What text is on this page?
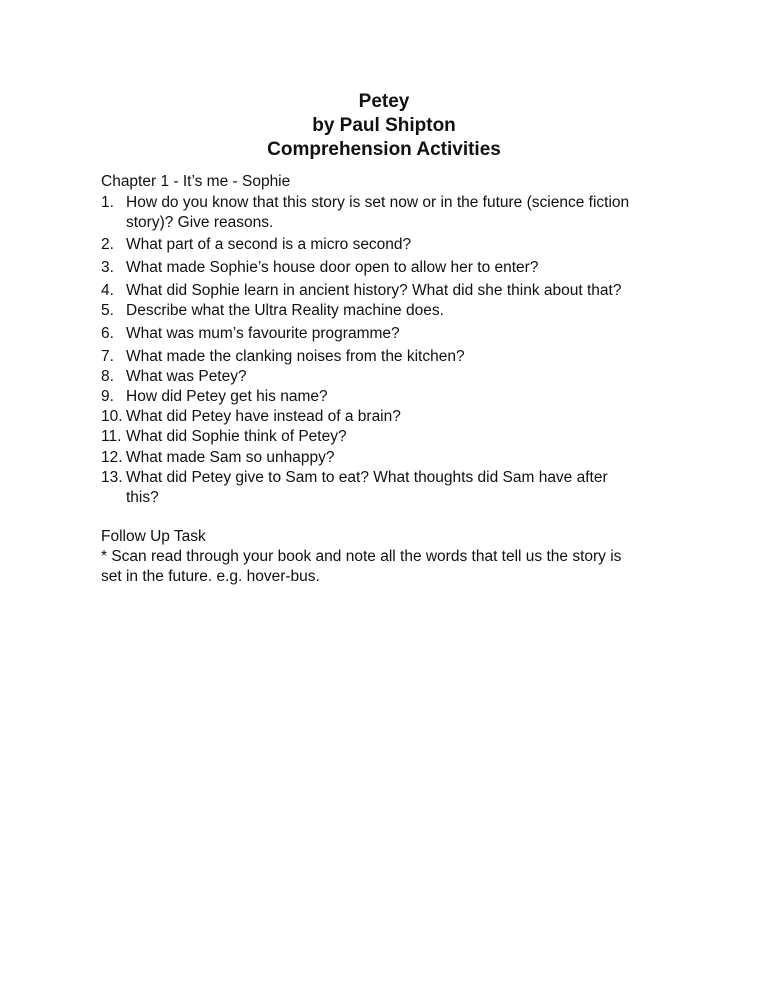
Petey
by Paul Shipton
Comprehension Activities
Chapter 1 - It’s me - Sophie
1. How do you know that this story is set now or in the future (science fiction
story)? Give reasons.
2. What part of a second is a micro second?
3. What made Sophie’s house door open to allow her to enter?
4. What did Sophie learn in ancient history? What did she think about that?
5. Describe what the Ultra Reality machine does.
6. What was mum’s favourite programme?
7. What made the clanking noises from the kitchen?
8. What was Petey?
9. How did Petey get his name?
10. What did Petey have instead of a brain?
11. What did Sophie think of Petey?
12. What made Sam so unhappy?
13. What did Petey give to Sam to eat? What thoughts did Sam have after
this?
Follow Up Task
* Scan read through your book and note all the words that tell us the story is
set in the future. e.g. hover-bus.
